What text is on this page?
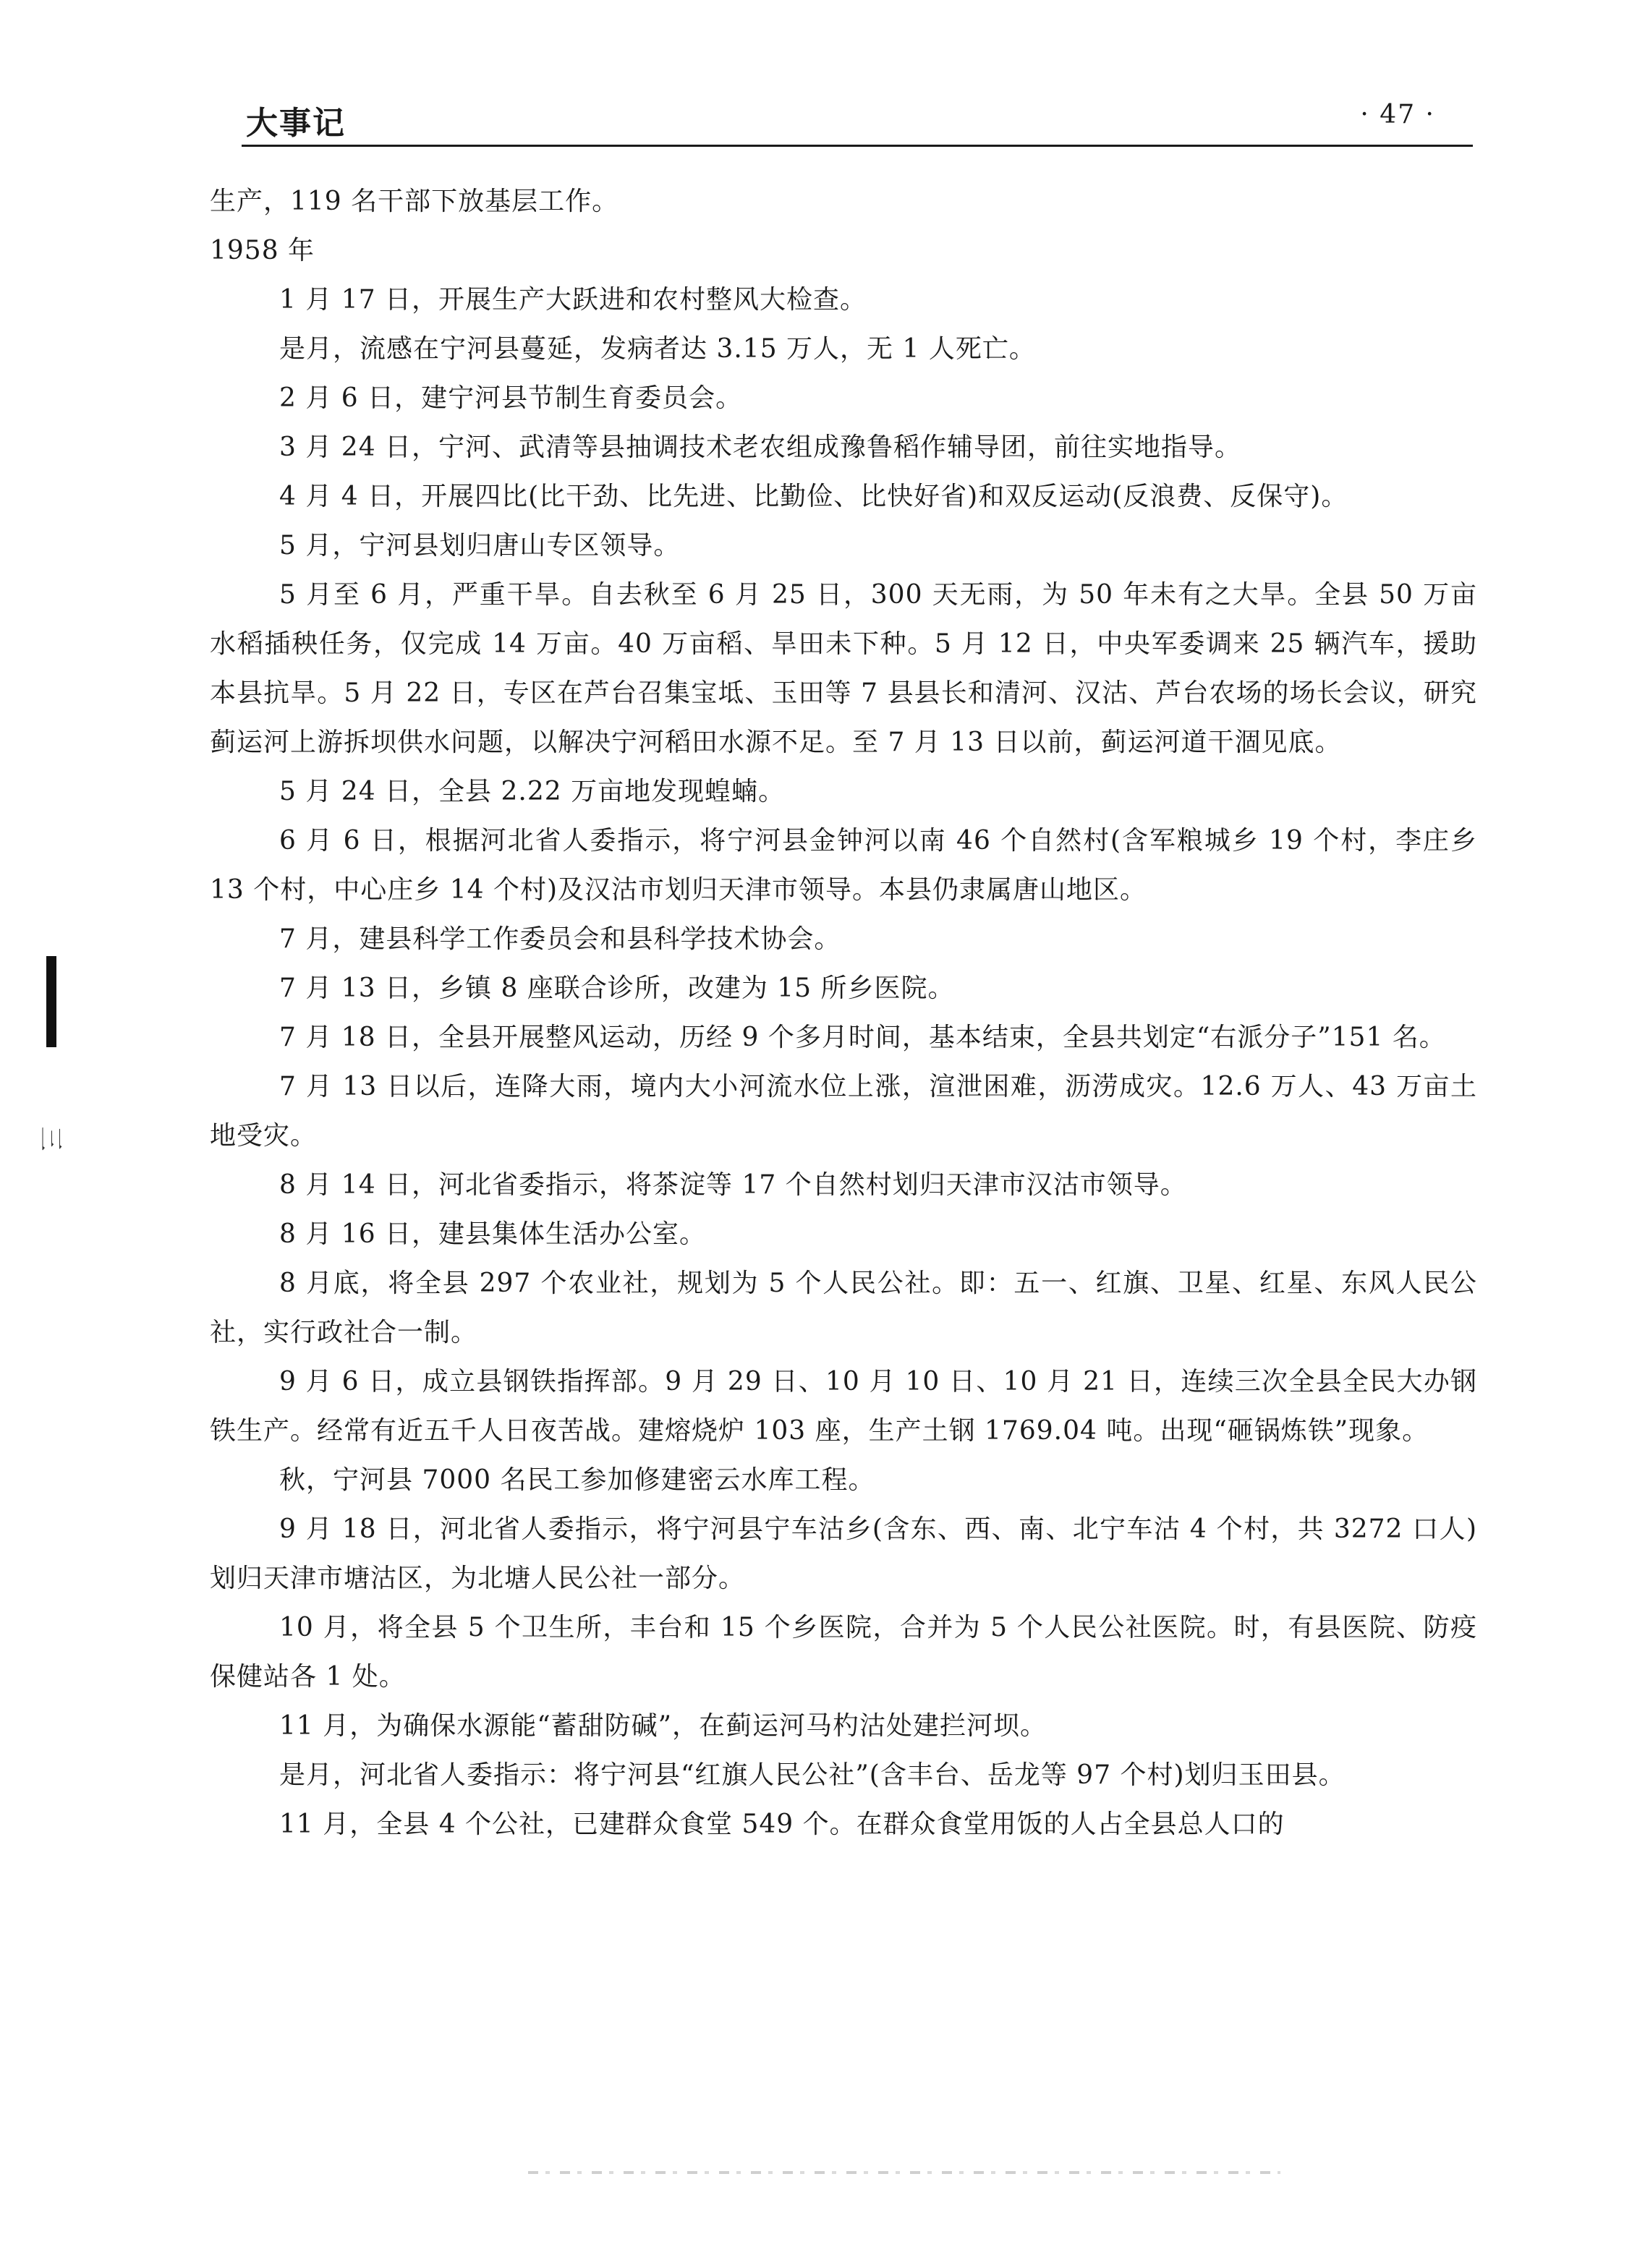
大事记	· 47 ·
三

生产，119 名干部下放基层工作。

1958 年

1 月 17 日，开展生产大跃进和农村整风大检查。

是月，流感在宁河县蔓延，发病者达 3.15 万人，无 1 人死亡。

2 月 6 日，建宁河县节制生育委员会。

3 月 24 日，宁河、武清等县抽调技术老农组成豫鲁稻作辅导团，前往实地指导。

4 月 4 日，开展四比(比干劲、比先进、比勤俭、比快好省)和双反运动(反浪费、反保守)。

5 月，宁河县划归唐山专区领导。

5 月至 6 月，严重干旱。自去秋至 6 月 25 日，300 天无雨，为 50 年未有之大旱。全县 50 万亩水稻插秧任务，仅完成 14 万亩。40 万亩稻、旱田未下种。5 月 12 日，中央军委调来 25 辆汽车，援助本县抗旱。5 月 22 日，专区在芦台召集宝坻、玉田等 7 县县长和清河、汉沽、芦台农场的场长会议，研究蓟运河上游拆坝供水问题，以解决宁河稻田水源不足。至 7 月 13 日以前，蓟运河道干涸见底。

5 月 24 日，全县 2.22 万亩地发现蝗蝻。

6 月 6 日，根据河北省人委指示，将宁河县金钟河以南 46 个自然村(含军粮城乡 19 个村，李庄乡 13 个村，中心庄乡 14 个村)及汉沽市划归天津市领导。本县仍隶属唐山地区。

7 月，建县科学工作委员会和县科学技术协会。

7 月 13 日，乡镇 8 座联合诊所，改建为 15 所乡医院。

7 月 18 日，全县开展整风运动，历经 9 个多月时间，基本结束，全县共划定“右派分子”151 名。

7 月 13 日以后，连降大雨，境内大小河流水位上涨，渲泄困难，沥涝成灾。12.6 万人、43 万亩土地受灾。

8 月 14 日，河北省委指示，将茶淀等 17 个自然村划归天津市汉沽市领导。

8 月 16 日，建县集体生活办公室。

8 月底，将全县 297 个农业社，规划为 5 个人民公社。即：五一、红旗、卫星、红星、东风人民公社，实行政社合一制。

9 月 6 日，成立县钢铁指挥部。9 月 29 日、10 月 10 日、10 月 21 日，连续三次全县全民大办钢铁生产。经常有近五千人日夜苦战。建熔烧炉 103 座，生产土钢 1769.04 吨。出现“砸锅炼铁”现象。

秋，宁河县 7000 名民工参加修建密云水库工程。

9 月 18 日，河北省人委指示，将宁河县宁车沽乡(含东、西、南、北宁车沽 4 个村，共 3272 口人)划归天津市塘沽区，为北塘人民公社一部分。

10 月，将全县 5 个卫生所，丰台和 15 个乡医院，合并为 5 个人民公社医院。时，有县医院、防疫保健站各 1 处。

11 月，为确保水源能“蓄甜防碱”，在蓟运河马杓沽处建拦河坝。

是月，河北省人委指示：将宁河县“红旗人民公社”(含丰台、岳龙等 97 个村)划归玉田县。

11 月，全县 4 个公社，已建群众食堂 549 个。在群众食堂用饭的人占全县总人口的
